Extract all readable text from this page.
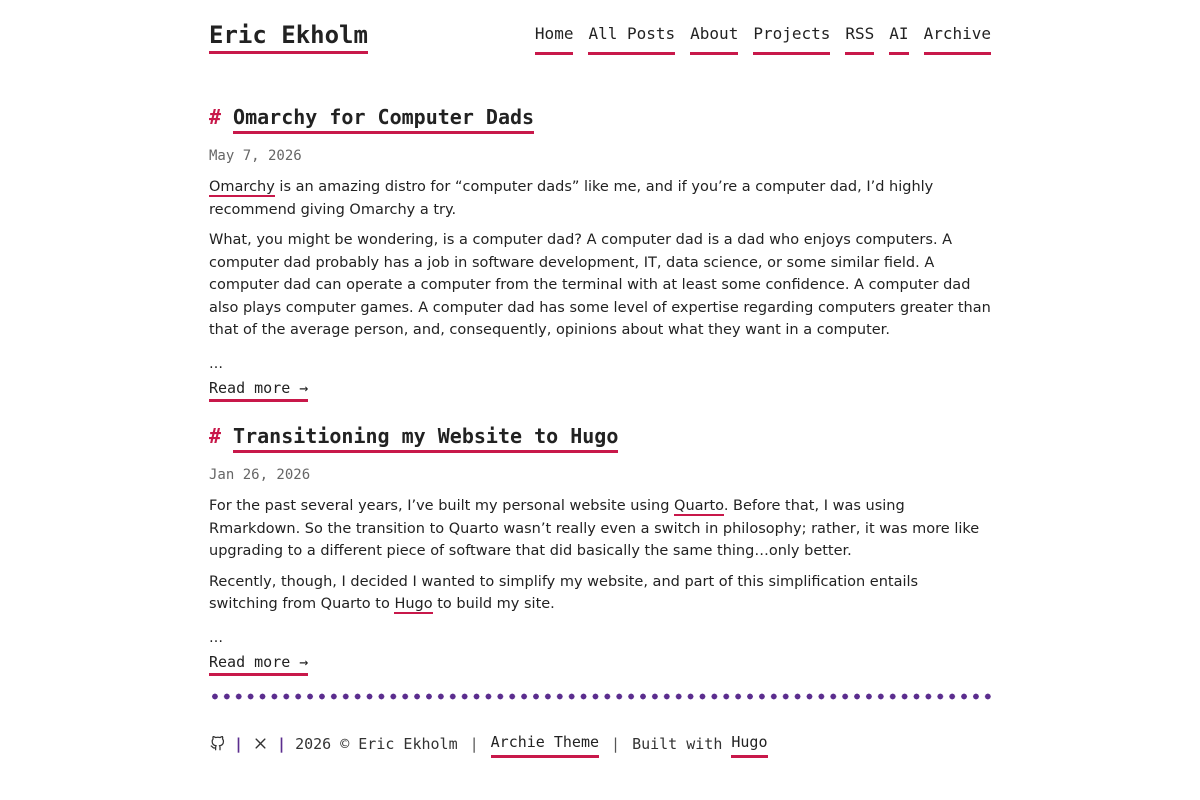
Eric Ekholm	Home All Posts About Projects RSS AI Archive
# Omarchy for Computer Dads
May 7, 2026

Omarchy is an amazing distro for “computer dads” like me, and if you’re a computer dad, I’d highly recommend giving Omarchy a try.

What, you might be wondering, is a computer dad? A computer dad is a dad who enjoys computers. A computer dad probably has a job in software development, IT, data science, or some similar field. A computer dad can operate a computer from the terminal with at least some confidence. A computer dad also plays computer games. A computer dad has some level of expertise regarding computers greater than that of the average person, and, consequently, opinions about what they want in a computer.

…
Read more →
# Transitioning my Website to Hugo
Jan 26, 2026

For the past several years, I’ve built my personal website using Quarto. Before that, I was using Rmarkdown. So the transition to Quarto wasn’t really even a switch in philosophy; rather, it was more like upgrading to a different piece of software that did basically the same thing…only better.

Recently, though, I decided I wanted to simplify my website, and part of this simplification entails switching from Quarto to Hugo to build my site.

…
Read more →
| | 2026 © Eric Ekholm | Archie Theme | Built with Hugo
